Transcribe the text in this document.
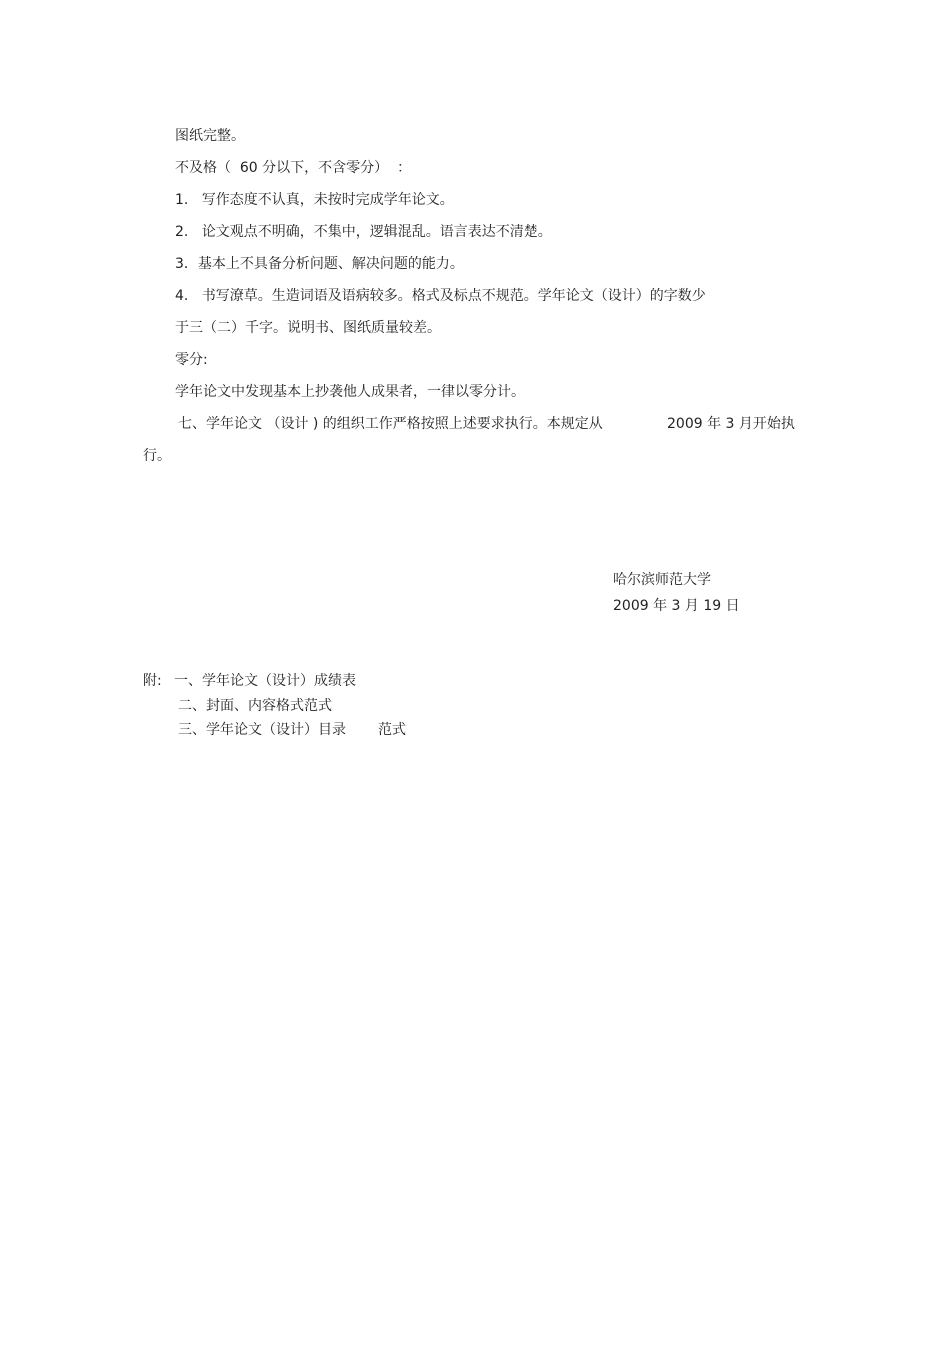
图纸完整。
不及格（  60 分以下，不含零分）  ：
1.   写作态度不认真，未按时完成学年论文。
2.   论文观点不明确，不集中，逻辑混乱。语言表达不清楚。
3．基本上不具备分析问题、解决问题的能力。
4.   书写潦草。生造词语及语病较多。格式及标点不规范。学年论文（设计）的字数少
于三（二）千字。说明书、图纸质量较差。
零分:
学年论文中发现基本上抄袭他人成果者，一律以零分计。
七、学年论文 （设计 ) 的组织工作严格按照上述要求执行。本规定从	2009 年 3 月开始执
行。
哈尔滨师范大学
2009 年 3 月 19 日
附: 一、学年论文（设计）成绩表
二、封面、内容格式范式
三、学年论文（设计）目录 范式
